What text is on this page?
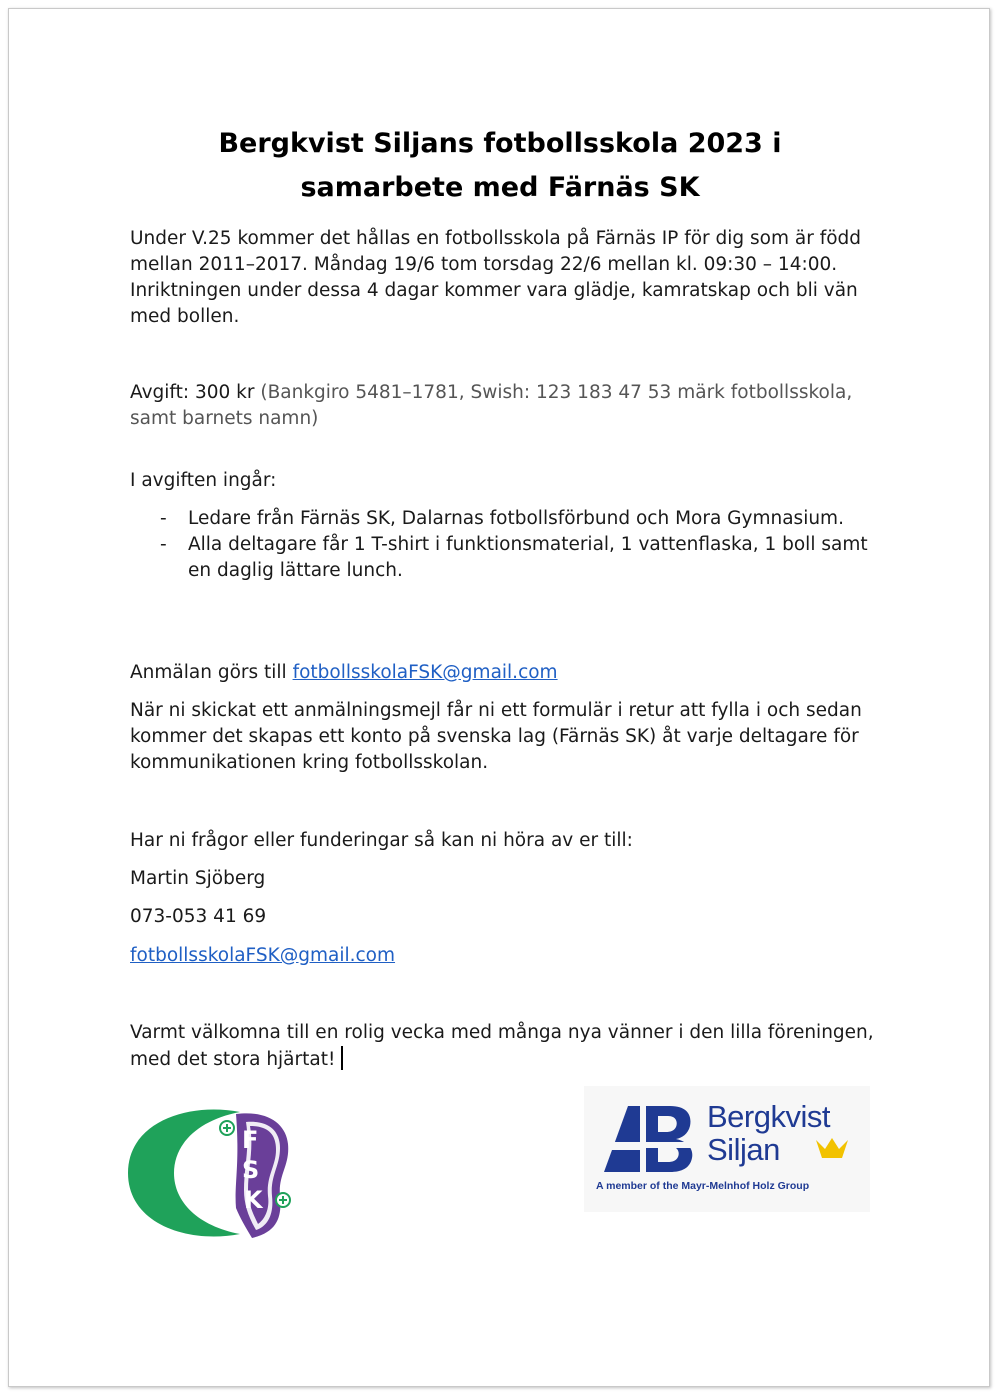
Bergkvist Siljans fotbollsskola 2023 i
samarbete med Färnäs SK
Under V.25 kommer det hållas en fotbollsskola på Färnäs IP för dig som är född mellan 2011–2017. Måndag 19/6 tom torsdag 22/6 mellan kl. 09:30 – 14:00. Inriktningen under dessa 4 dagar kommer vara glädje, kamratskap och bli vän med bollen.
Avgift: 300 kr (Bankgiro 5481–1781, Swish: 123 183 47 53 märk fotbollsskola, samt barnets namn)
I avgiften ingår:
- Ledare från Färnäs SK, Dalarnas fotbollsförbund och Mora Gymnasium.
- Alla deltagare får 1 T-shirt i funktionsmaterial, 1 vattenflaska, 1 boll samt en daglig lättare lunch.
Anmälan görs till fotbollsskolaFSK@gmail.com
När ni skickat ett anmälningsmejl får ni ett formulär i retur att fylla i och sedan kommer det skapas ett konto på svenska lag (Färnäs SK) åt varje deltagare för kommunikationen kring fotbollsskolan.
Har ni frågor eller funderingar så kan ni höra av er till:
Martin Sjöberg
073-053 41 69
fotbollsskolaFSK@gmail.com
Varmt välkomna till en rolig vecka med många nya vänner i den lilla föreningen, med det stora hjärtat!
F
S
K
Bergkvist
Siljan
A member of the Mayr-Melnhof Holz Group
